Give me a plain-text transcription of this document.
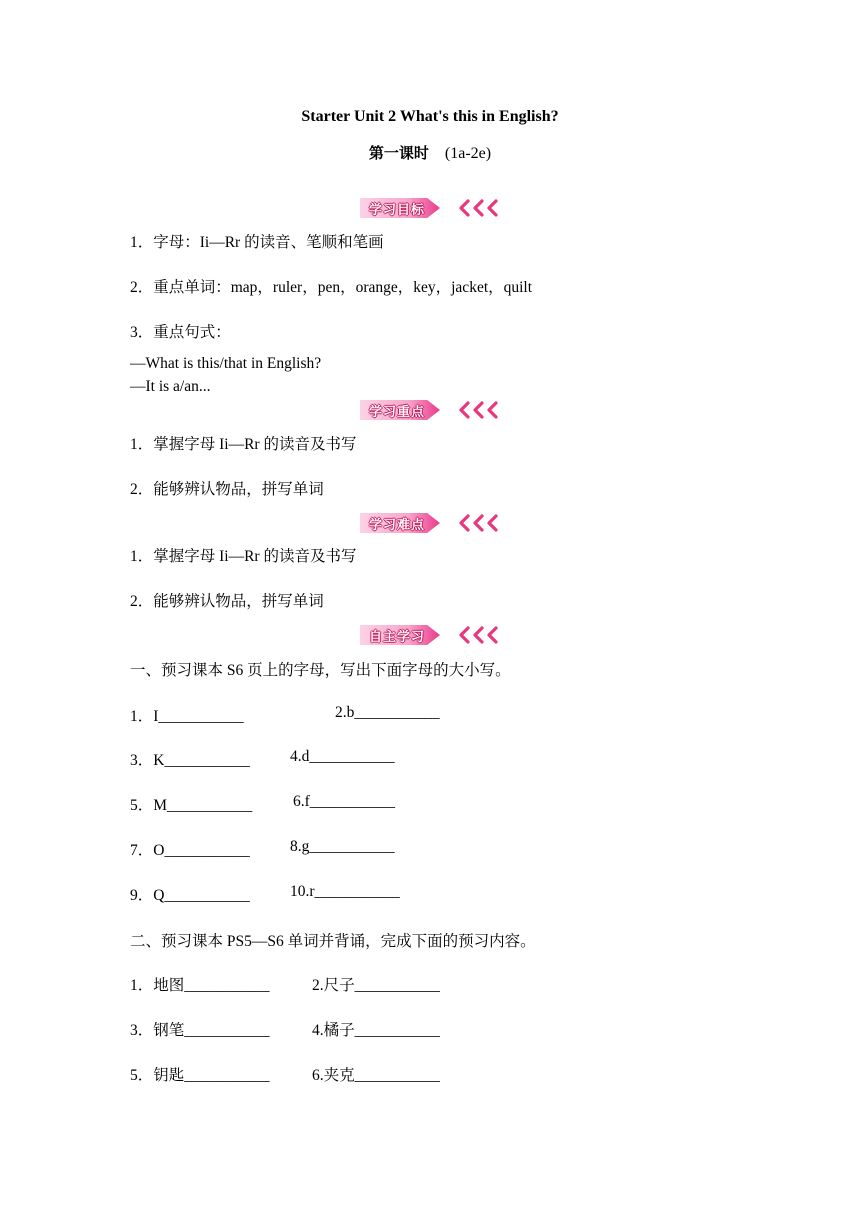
Starter Unit 2 What's this in English?
第一课时 (1a-2e)
学习目标
1．字母：Ii—Rr 的读音、笔顺和笔画
2．重点单词：map，ruler，pen，orange，key，jacket，quilt
3．重点句式：
—What is this/that in English?
—It is a/an...
学习重点
1．掌握字母 Ii—Rr 的读音及书写
2．能够辨认物品，拼写单词
学习难点
1．掌握字母 Ii—Rr 的读音及书写
2．能够辨认物品，拼写单词
自主学习
一、预习课本 S6 页上的字母，写出下面字母的大小写。
1．I___________	2.b___________
3．K___________	4.d___________
5．M___________	6.f___________
7．O___________	8.g___________
9．Q___________	10.r___________
二、预习课本 PS5—S6 单词并背诵，完成下面的预习内容。
1．地图___________	2.尺子___________
3．钢笔___________	4.橘子___________
5．钥匙___________	6.夹克___________
